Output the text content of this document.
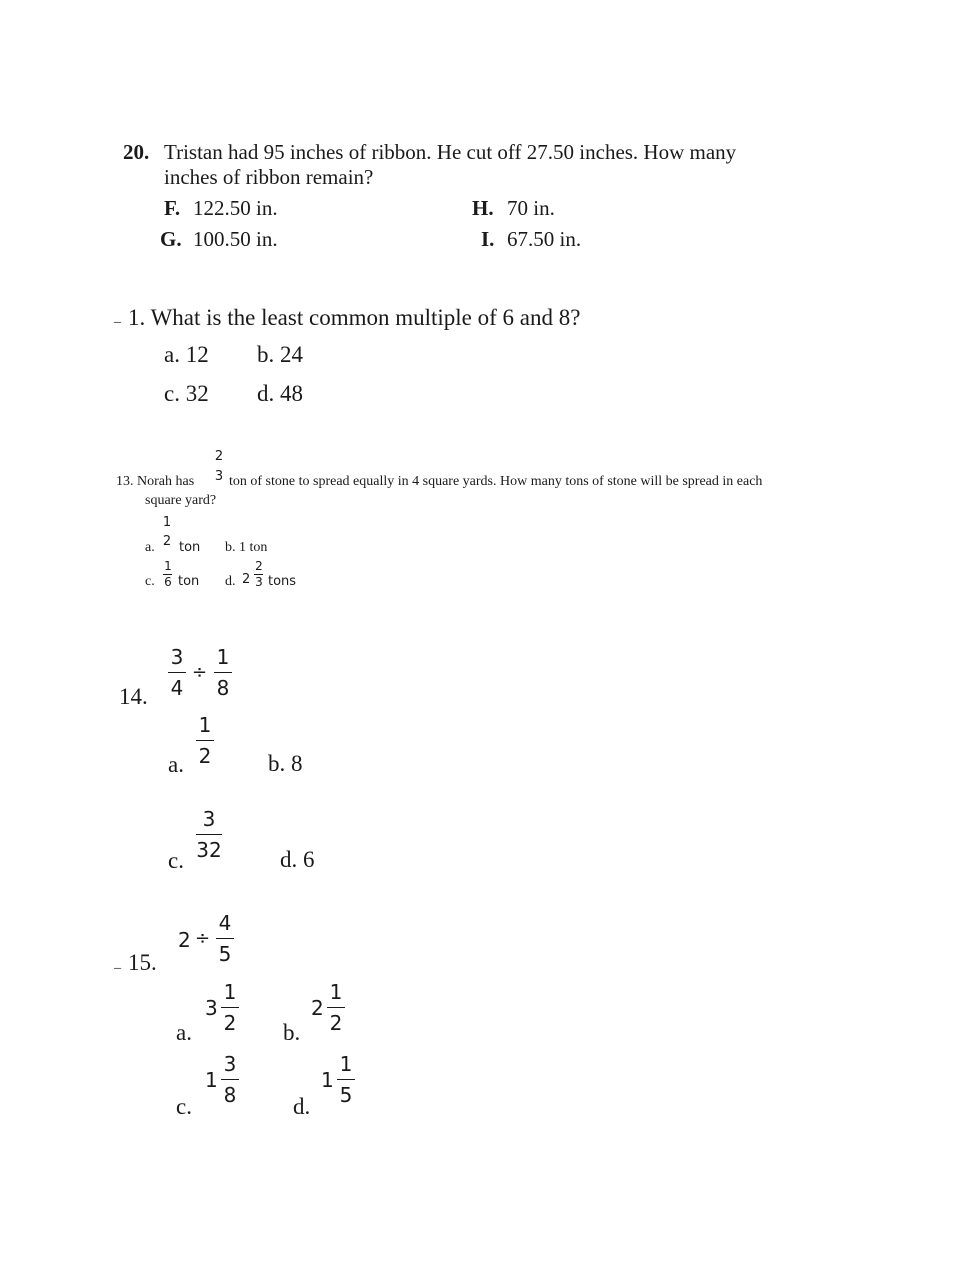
20. Tristan had 95 inches of ribbon. He cut off 27.50 inches. How many
inches of ribbon remain?
F. 122.50 in.
G. 100.50 in.
H. 70 in.
I. 67.50 in.
_ 1. What is the least common multiple of 6 and 8?
a. 12 b. 24
c. 32 d. 48
13. Norah has
2
3 ton of stone to spread equally in 4 square yards. How many tons of stone will be spread in each
square yard?
a.
1
2 ton b. 1 ton
c.
1
6 ton d. 2
2
3 tons
14.
3
4
÷
1
8
a.
1
2 b. 8
c.
3
32	d. 6
_ 15.
2 ÷
4
5
a.
3
1
2 b.
2
1
2
c.
1
3
8 d.
1
1
5
